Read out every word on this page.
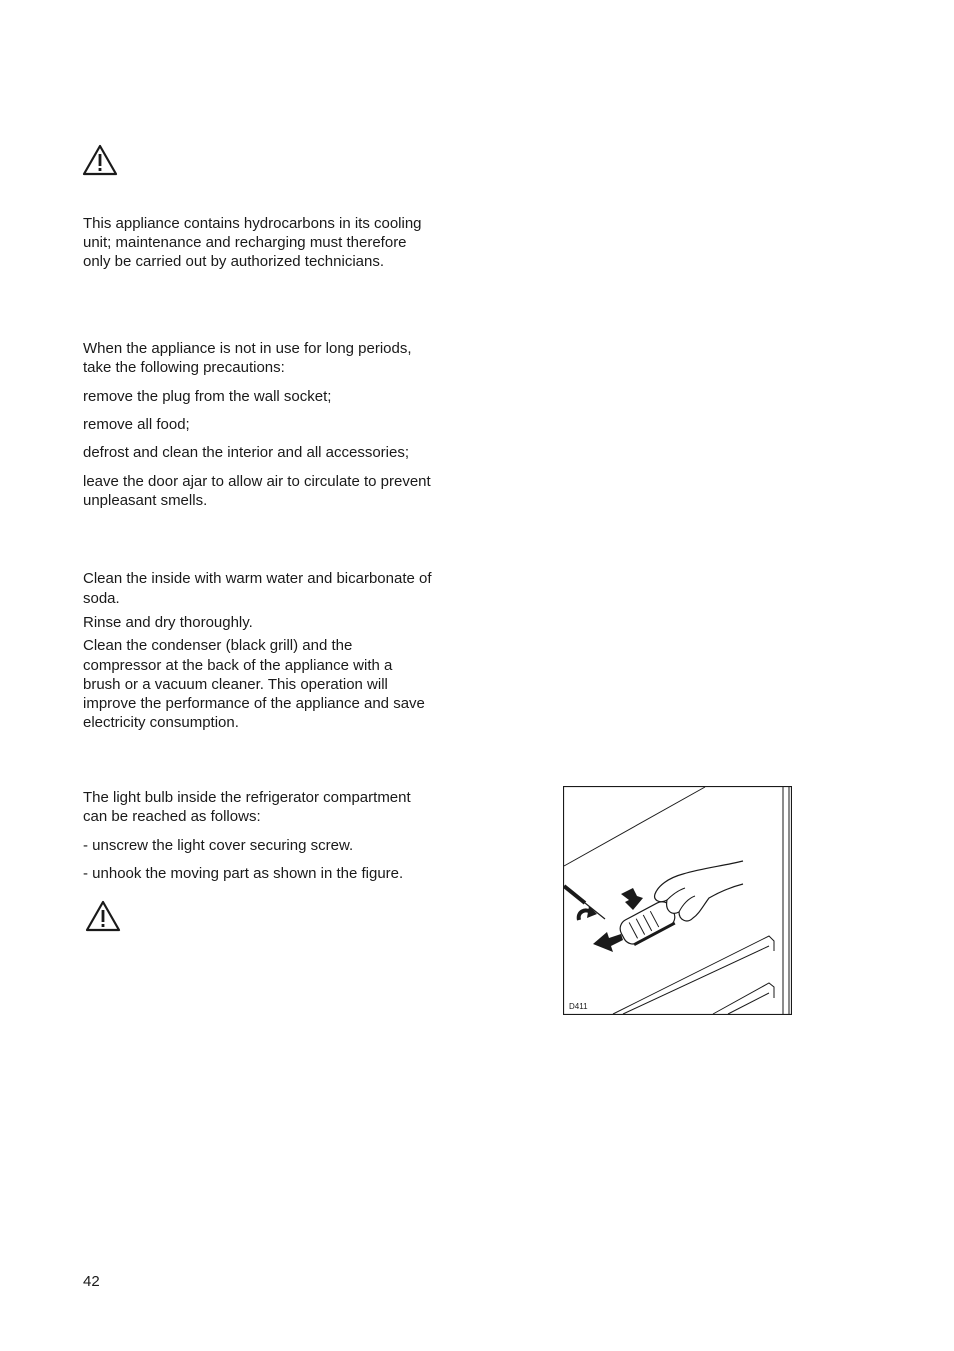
This appliance contains hydrocarbons in its cooling

unit; maintenance and recharging must therefore

only be carried out by authorized technicians.

When the appliance is not in use for long periods,

take the following precautions:

remove the plug from the wall socket;

remove all food;

defrost and clean the interior and all accessories;

leave the door ajar to allow air to circulate to prevent

unpleasant smells.

Clean the inside with warm water and bicarbonate of

soda.

Rinse and dry thoroughly.

Clean the condenser (black grill) and the

compressor at the back of the appliance with a

brush or a vacuum cleaner. This operation will

improve the performance of the appliance and save

electricity consumption.

The light bulb inside the refrigerator compartment

can be reached as follows:

- unscrew the light cover securing screw.

- unhook the moving part as shown in the figure.

D411
42
